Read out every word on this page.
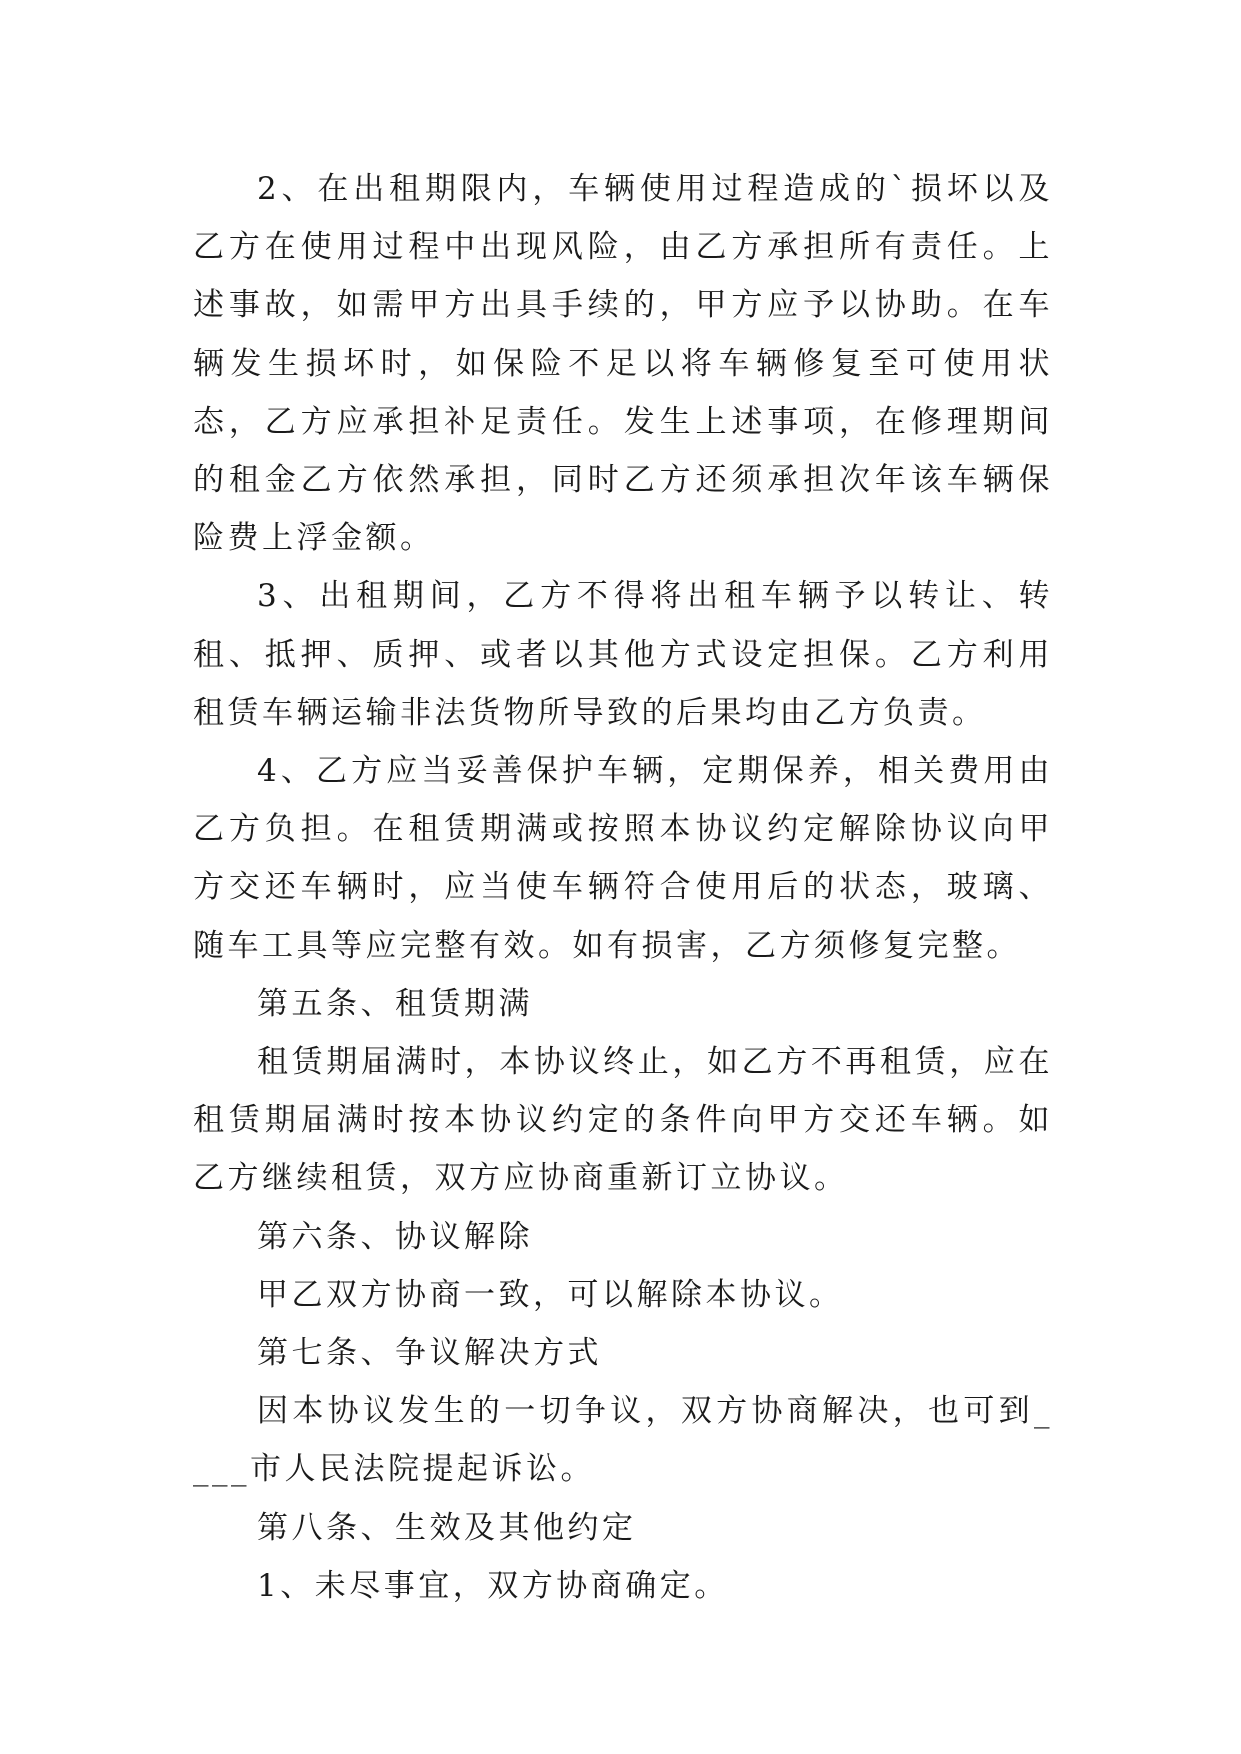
2、在出租期限内，车辆使用过程造成的`损坏以及乙方在使用过程中出现风险，由乙方承担所有责任。上述事故，如需甲方出具手续的，甲方应予以协助。在车辆发生损坏时，如保险不足以将车辆修复至可使用状态，乙方应承担补足责任。发生上述事项，在修理期间的租金乙方依然承担，同时乙方还须承担次年该车辆保险费上浮金额。

3、出租期间，乙方不得将出租车辆予以转让、转租、抵押、质押、或者以其他方式设定担保。乙方利用租赁车辆运输非法货物所导致的后果均由乙方负责。

4、乙方应当妥善保护车辆，定期保养，相关费用由乙方负担。在租赁期满或按照本协议约定解除协议向甲方交还车辆时，应当使车辆符合使用后的状态，玻璃、随车工具等应完整有效。如有损害，乙方须修复完整。

第五条、租赁期满

租赁期届满时，本协议终止，如乙方不再租赁，应在租赁期届满时按本协议约定的条件向甲方交还车辆。如乙方继续租赁，双方应协商重新订立协议。

第六条、协议解除

甲乙双方协商一致，可以解除本协议。

第七条、争议解决方式

因本协议发生的一切争议，双方协商解决，也可到____市人民法院提起诉讼。

第八条、生效及其他约定

1、未尽事宜，双方协商确定。
